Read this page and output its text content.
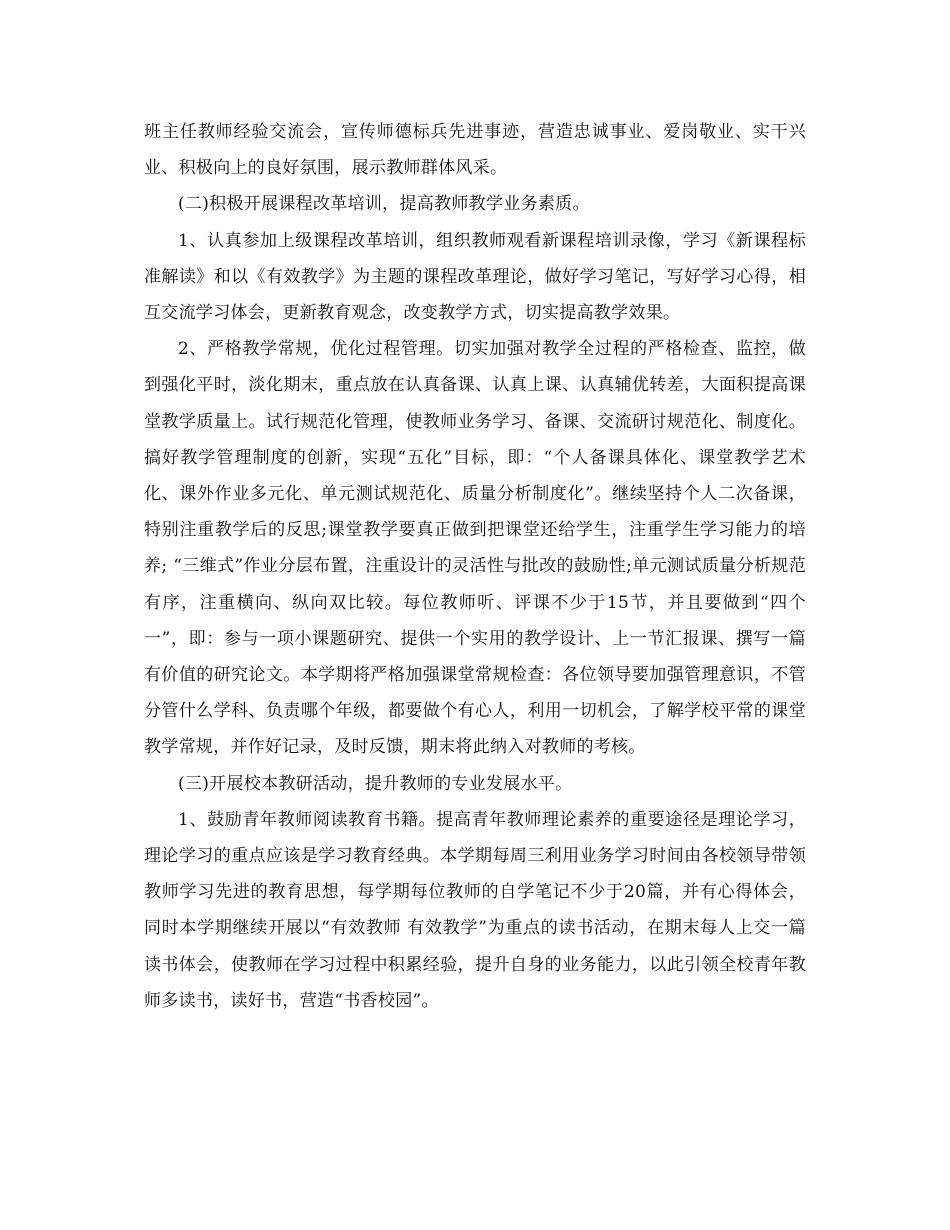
班主任教师经验交流会，宣传师德标兵先进事迹，营造忠诚事业、爱岗敬业、实干兴业、积极向上的良好氛围，展示教师群体风采。

(二)积极开展课程改革培训，提高教师教学业务素质。

1、认真参加上级课程改革培训，组织教师观看新课程培训录像，学习《新课程标准解读》和以《有效教学》为主题的课程改革理论，做好学习笔记，写好学习心得，相互交流学习体会，更新教育观念，改变教学方式，切实提高教学效果。

2、严格教学常规，优化过程管理。切实加强对教学全过程的严格检查、监控，做到强化平时，淡化期末，重点放在认真备课、认真上课、认真辅优转差，大面积提高课堂教学质量上。试行规范化管理，使教师业务学习、备课、交流研讨规范化、制度化。搞好教学管理制度的创新，实现“五化”目标，即：“个人备课具体化、课堂教学艺术化、课外作业多元化、单元测试规范化、质量分析制度化”。继续坚持个人二次备课，特别注重教学后的反思;课堂教学要真正做到把课堂还给学生，注重学生学习能力的培养; “三维式”作业分层布置，注重设计的灵活性与批改的鼓励性;单元测试质量分析规范有序，注重横向、纵向双比较。每位教师听、评课不少于15节，并且要做到“四个一”，即：参与一项小课题研究、提供一个实用的教学设计、上一节汇报课、撰写一篇有价值的研究论文。本学期将严格加强课堂常规检查：各位领导要加强管理意识，不管分管什么学科、负责哪个年级，都要做个有心人，利用一切机会，了解学校平常的课堂教学常规，并作好记录，及时反馈，期末将此纳入对教师的考核。

(三)开展校本教研活动，提升教师的专业发展水平。

1、鼓励青年教师阅读教育书籍。提高青年教师理论素养的重要途径是理论学习，理论学习的重点应该是学习教育经典。本学期每周三利用业务学习时间由各校领导带领教师学习先进的教育思想，每学期每位教师的自学笔记不少于20篇，并有心得体会，同时本学期继续开展以“有效教师 有效教学”为重点的读书活动，在期末每人上交一篇读书体会，使教师在学习过程中积累经验，提升自身的业务能力，以此引领全校青年教师多读书，读好书，营造“书香校园”。
